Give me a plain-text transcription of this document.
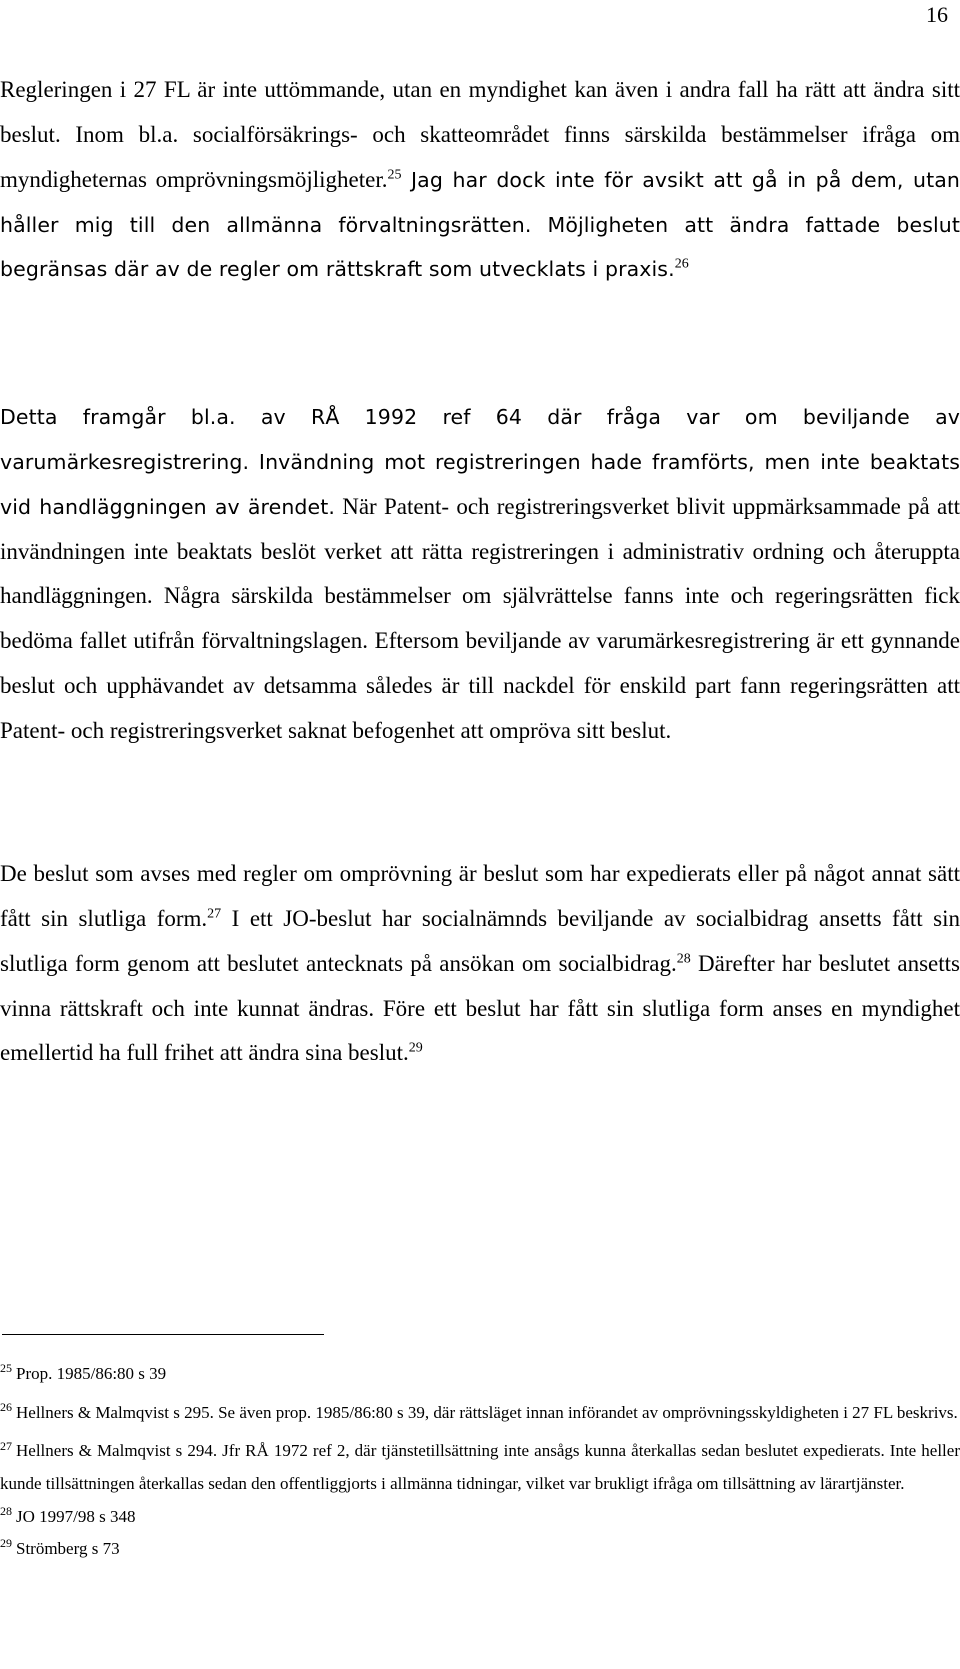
16

Regleringen i 27 FL är inte uttömmande, utan en myndighet kan även i andra fall ha rätt att ändra sitt beslut. Inom bl.a. socialförsäkrings- och skatteområdet finns särskilda bestämmelser ifråga om myndigheternas omprövningsmöjligheter.$^{25}$ Jag har dock inte för avsikt att gå in på dem, utan håller mig till den allmänna förvaltningsrätten. Möjligheten att ändra fattade beslut begränsas där av de regler om rättskraft som utvecklats i praxis.$^{26}$

Detta framgår bl.a. av RÅ 1992 ref 64 där fråga var om beviljande av varumärkesregistrering. Invändning mot registreringen hade framförts, men inte beaktats vid handläggningen av ärendet. När Patent- och registreringsverket blivit uppmärksammade på att invändningen inte beaktats beslöt verket att rätta registreringen i administrativ ordning och återuppta handläggningen. Några särskilda bestämmelser om självrättelse fanns inte och regeringsrätten fick bedöma fallet utifrån förvaltningslagen. Eftersom beviljande av varumärkesregistrering är ett gynnande beslut och upphävandet av detsamma således är till nackdel för enskild part fann regeringsrätten att Patent- och registreringsverket saknat befogenhet att ompröva sitt beslut.

De beslut som avses med regler om omprövning är beslut som har expedierats eller på något annat sätt fått sin slutliga form.$^{27}$ I ett JO-beslut har socialnämnds beviljande av socialbidrag ansetts fått sin slutliga form genom att beslutet antecknats på ansökan om socialbidrag.$^{28}$ Därefter har beslutet ansetts vinna rättskraft och inte kunnat ändras. Före ett beslut har fått sin slutliga form anses en myndighet emellertid ha full frihet att ändra sina beslut.$^{29}$

$^{25}$ Prop. 1985/86:80 s 39

$^{26}$ Hellners & Malmqvist s 295. Se även prop. 1985/86:80 s 39, där rättsläget innan införandet av omprövningsskyldigheten i 27 FL beskrivs.

$^{27}$ Hellners & Malmqvist s 294. Jfr RÅ 1972 ref 2, där tjänstetillsättning inte ansågs kunna återkallas sedan beslutet expedierats. Inte heller kunde tillsättningen återkallas sedan den offentliggjorts i allmänna tidningar, vilket var brukligt ifråga om tillsättning av lärartjänster.

$^{28}$ JO 1997/98 s 348

$^{29}$ Strömberg s 73
